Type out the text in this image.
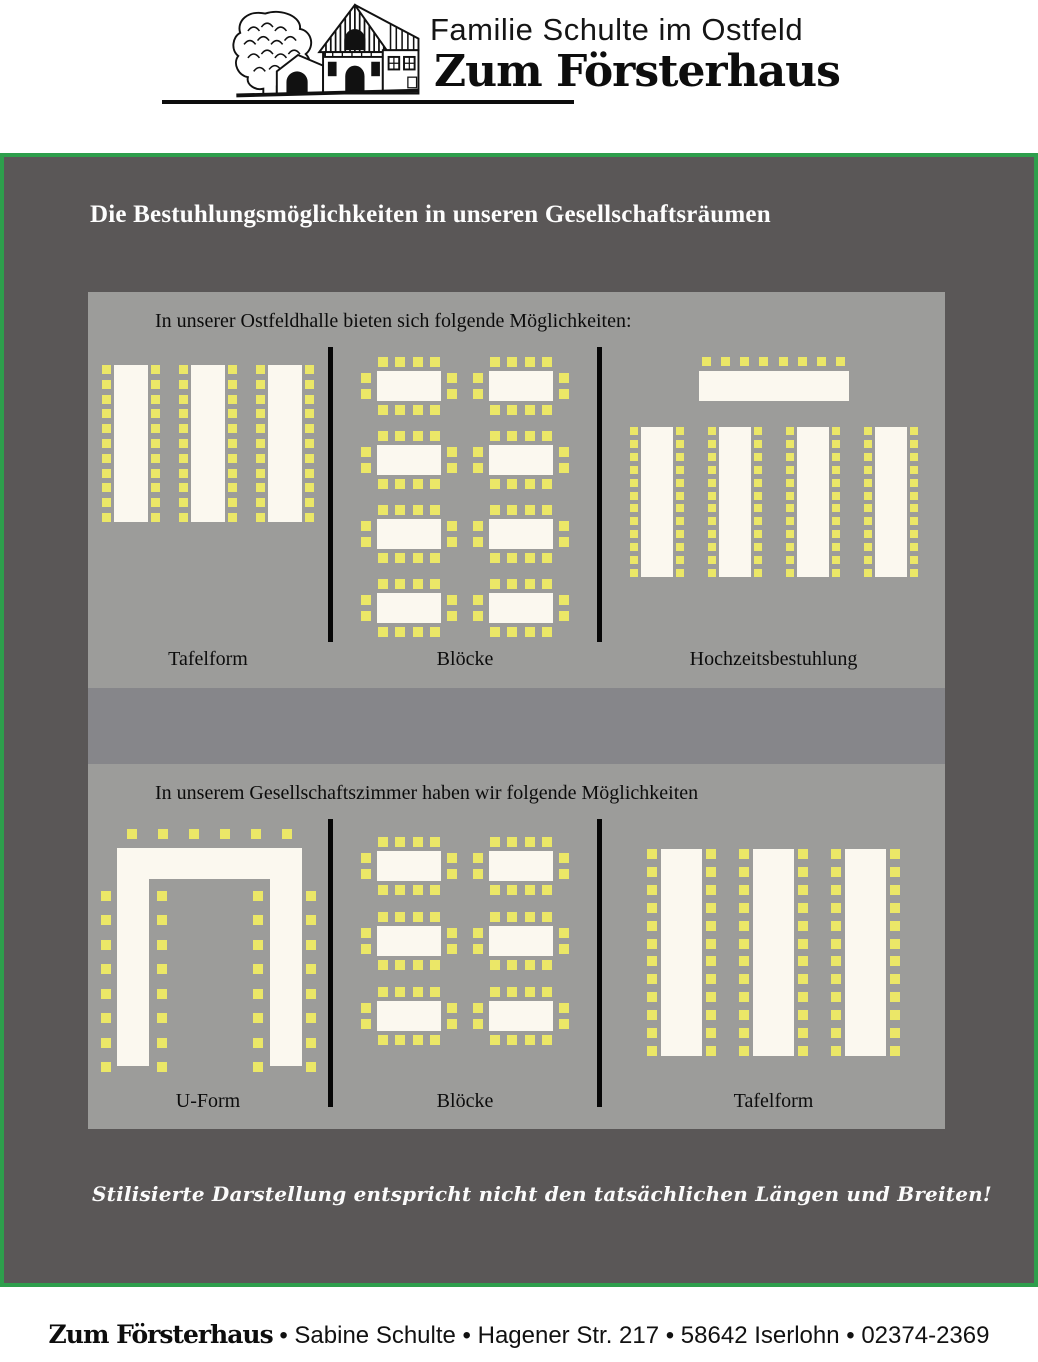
Familie Schulte im Ostfeld
Zum Försterhaus
Die Bestuhlungsmöglichkeiten in unseren Gesellschaftsräumen
In unserer Ostfeldhalle bieten sich folgende Möglichkeiten:
Tafelform	Blöcke	Hochzeitsbestuhlung
In unserem Gesellschaftszimmer haben wir folgende Möglichkeiten
U-Form	Blöcke	Tafelform
Stilisierte Darstellung entspricht nicht den tatsächlichen Längen und Breiten!
Zum Försterhaus • Sabine Schulte • Hagener Str. 217 • 58642 Iserlohn • 02374-2369
